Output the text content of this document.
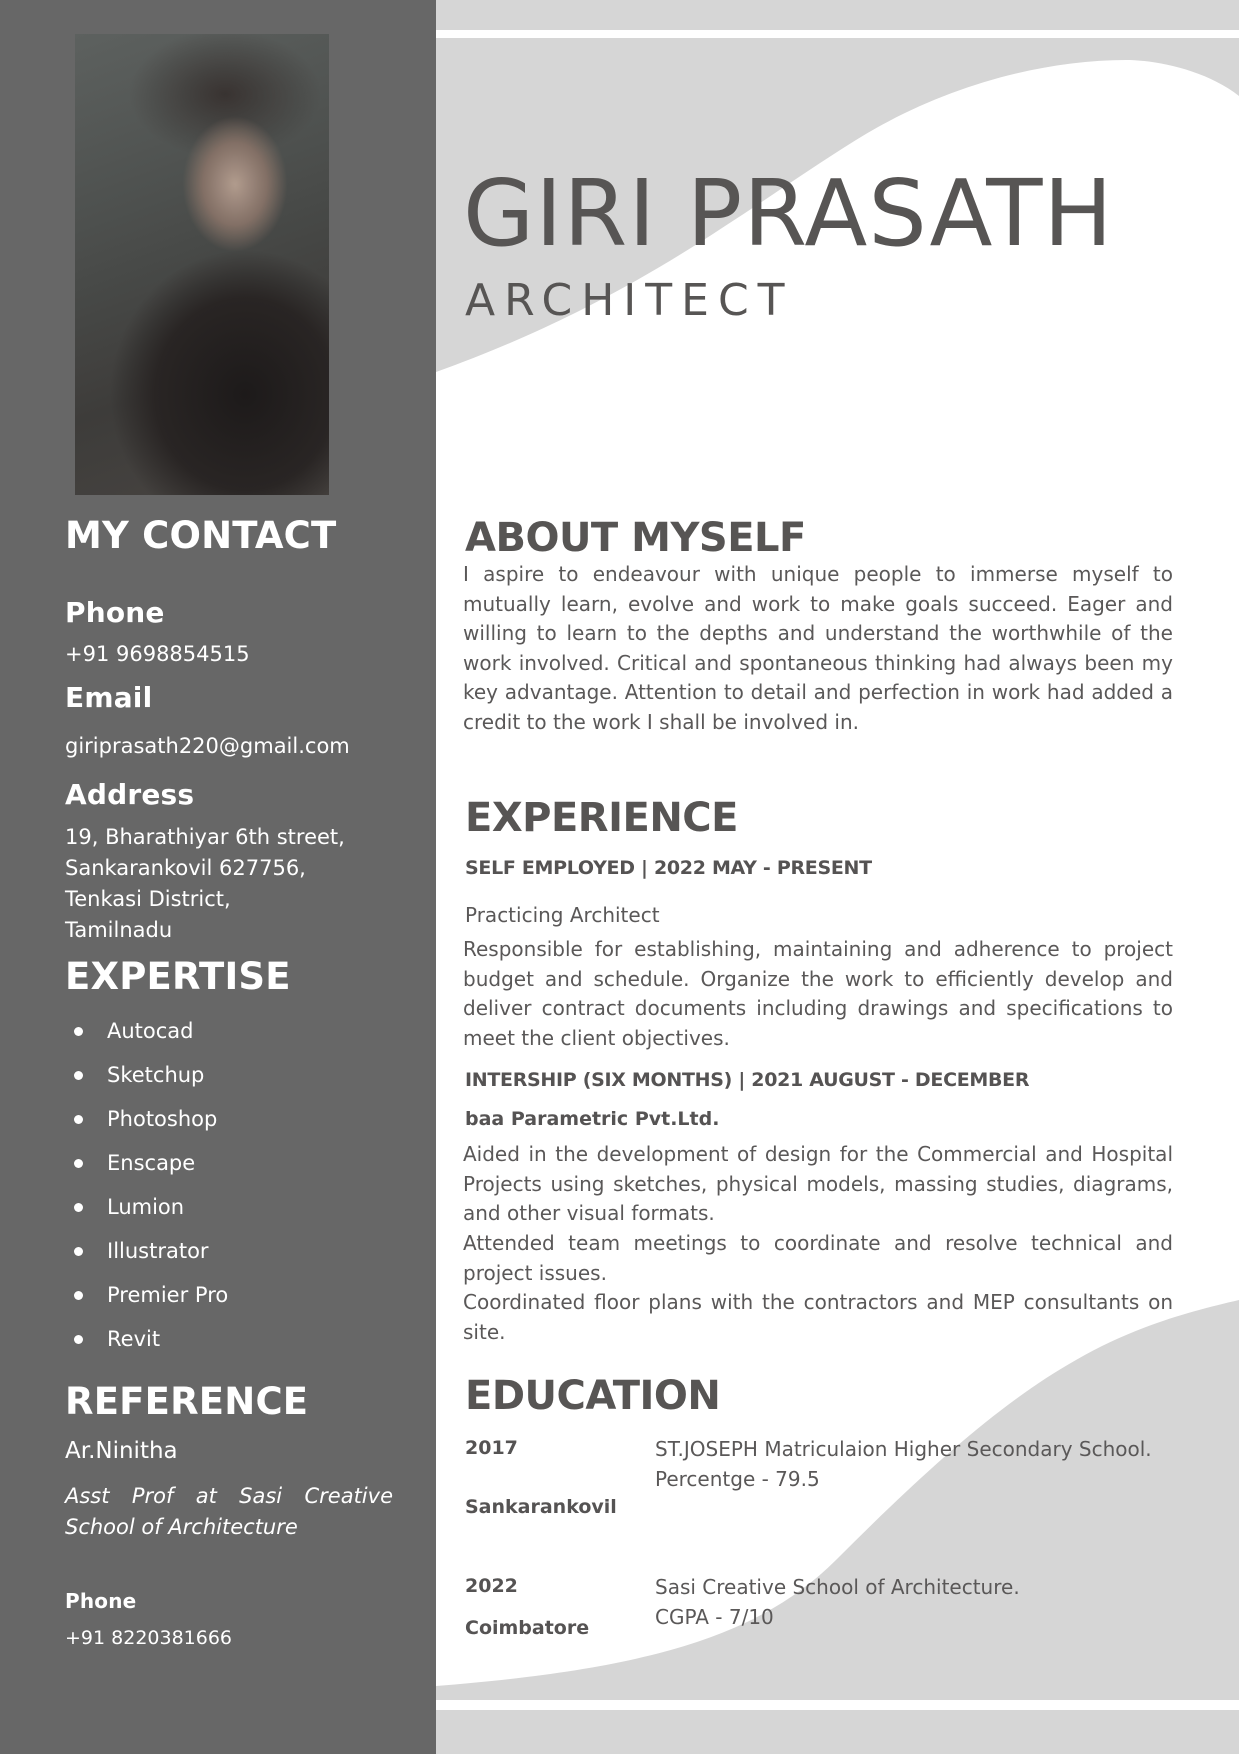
MY CONTACT
Phone
+91 9698854515
Email
giriprasath220@gmail.com
Address
19, Bharathiyar 6th street,
Sankarankovil 627756,
Tenkasi District,
Tamilnadu
EXPERTISE
Autocad
Sketchup
Photoshop
Enscape
Lumion
Illustrator
Premier Pro
Revit
REFERENCE
Ar.Ninitha
Asst Prof at Sasi Creative School of Architecture
Phone
+91 8220381666
GIRI PRASATH
ARCHITECT
ABOUT MYSELF

I aspire to endeavour with unique people to immerse myself to mutually learn, evolve and work to make goals succeed. Eager and willing to learn to the depths and understand the worthwhile of the work involved. Critical and spontaneous thinking had always been my key advantage. Attention to detail and perfection in work had added a credit to the work I shall be involved in.

EXPERIENCE
SELF EMPLOYED | 2022 MAY - PRESENT
Practicing Architect

Responsible for establishing, maintaining and adherence to project budget and schedule. Organize the work to efficiently develop and deliver contract documents including drawings and specifications to meet the client objectives.

INTERSHIP (SIX MONTHS) | 2021 AUGUST - DECEMBER
baa Parametric Pvt.Ltd.

Aided in the development of design for the Commercial and Hospital Projects using sketches, physical models, massing studies, diagrams, and other visual formats.

Attended team meetings to coordinate and resolve technical and project issues.

Coordinated floor plans with the contractors and MEP consultants on site.

EDUCATION
2017
Sankarankovil
ST.JOSEPH Matriculaion Higher Secondary School.
Percentge - 79.5
2022
Coimbatore
Sasi Creative School of Architecture.
CGPA - 7/10
